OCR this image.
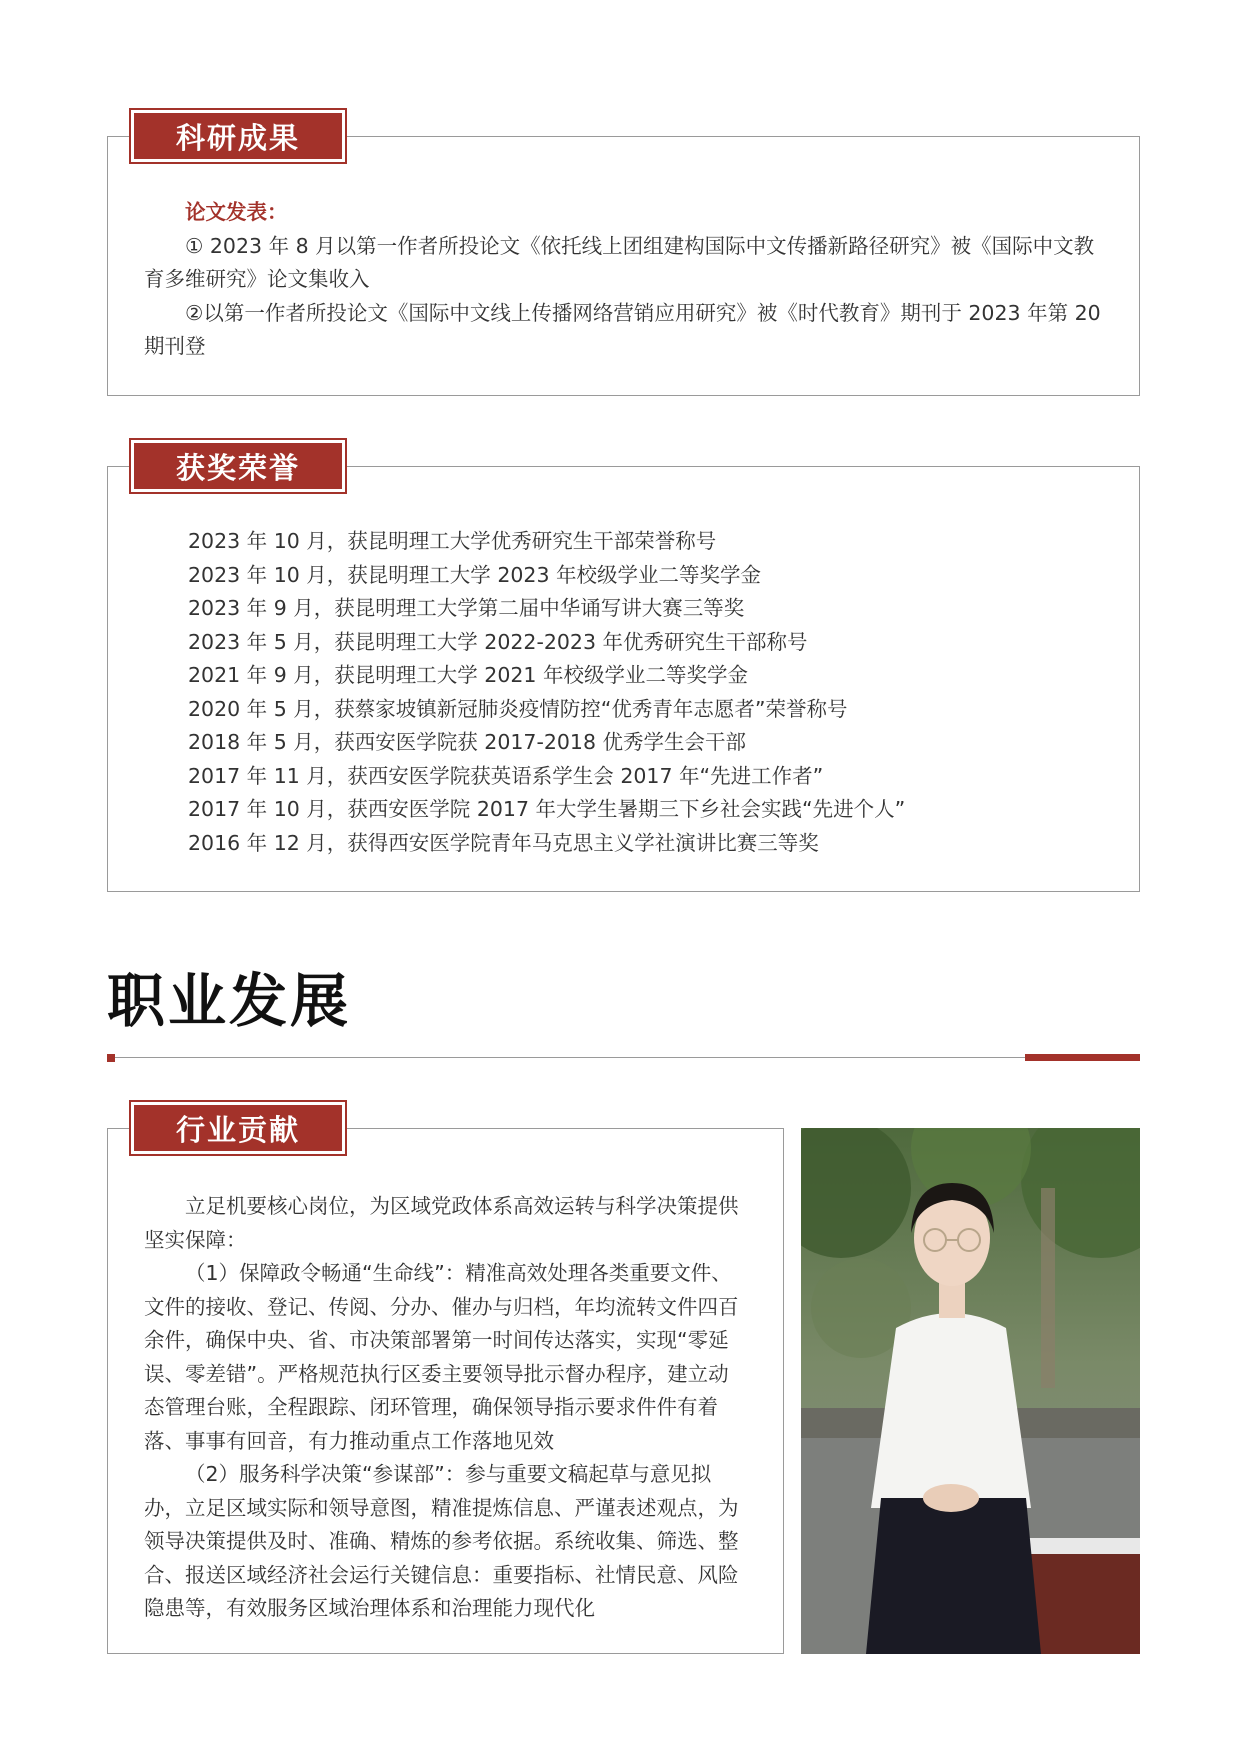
科研成果

论文发表：

① 2023 年 8 月以第一作者所投论文《依托线上团组建构国际中文传播新路径研究》被《国际中文教育多维研究》论文集收入

②以第一作者所投论文《国际中文线上传播网络营销应用研究》被《时代教育》期刊于 2023 年第 20 期刊登

获奖荣誉
2023 年 10 月，获昆明理工大学优秀研究生干部荣誉称号
2023 年 10 月，获昆明理工大学 2023 年校级学业二等奖学金
2023 年 9 月，获昆明理工大学第二届中华诵写讲大赛三等奖
2023 年 5 月，获昆明理工大学 2022-2023 年优秀研究生干部称号
2021 年 9 月，获昆明理工大学 2021 年校级学业二等奖学金
2020 年 5 月，获蔡家坡镇新冠肺炎疫情防控“优秀青年志愿者”荣誉称号
2018 年 5 月，获西安医学院获 2017-2018 优秀学生会干部
2017 年 11 月，获西安医学院获英语系学生会 2017 年“先进工作者”
2017 年 10 月，获西安医学院 2017 年大学生暑期三下乡社会实践“先进个人”
2016 年 12 月，获得西安医学院青年马克思主义学社演讲比赛三等奖
职业发展
行业贡献

立足机要核心岗位，为区域党政体系高效运转与科学决策提供坚实保障：

（1）保障政令畅通“生命线”：精准高效处理各类重要文件、文件的接收、登记、传阅、分办、催办与归档，年均流转文件四百余件，确保中央、省、市决策部署第一时间传达落实，实现“零延误、零差错”。严格规范执行区委主要领导批示督办程序，建立动态管理台账，全程跟踪、闭环管理，确保领导指示要求件件有着落、事事有回音，有力推动重点工作落地见效

（2）服务科学决策“参谋部”：参与重要文稿起草与意见拟办，立足区域实际和领导意图，精准提炼信息、严谨表述观点，为领导决策提供及时、准确、精炼的参考依据。系统收集、筛选、整合、报送区域经济社会运行关键信息：重要指标、社情民意、风险隐患等，有效服务区域治理体系和治理能力现代化
